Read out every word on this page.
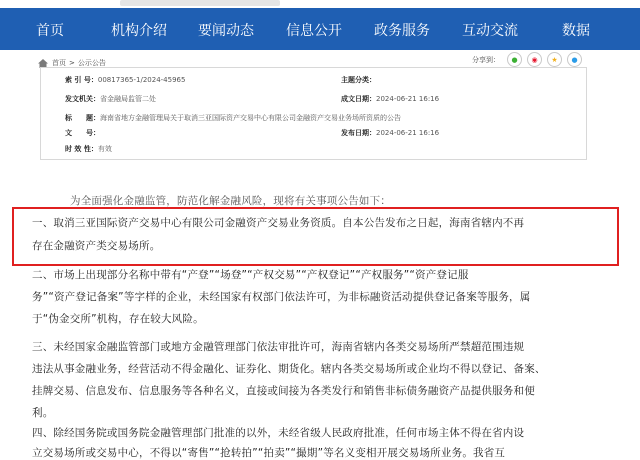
首页	机构介绍 要闻动态 信息公开 政务服务 互动交流	数据
首页 > 公示公告	分享到： ● ◉ ★ ●
索 引 号：00817365-1/2024-45965	主题分类：
发文机关：省金融局监管二处	成文日期：2024-06-21 16:16
标　　题：海南省地方金融管理局关于取消三亚国际资产交易中心有限公司金融资产交易业务场所资质的公告
文　　号：	发布日期：2024-06-21 16:16
时 效 性：有效
为全面强化金融监管，防范化解金融风险，现将有关事项公告如下：
一、取消三亚国际资产交易中心有限公司金融资产交易业务资质。自本公告发布之日起，海南省辖内不再
存在金融资产类交易场所。
二、市场上出现部分名称中带有“产登”“场登”“产权交易”“产权登记”“产权服务”“资产登记服
务”“资产登记备案”等字样的企业，未经国家有权部门依法许可，为非标融资活动提供登记备案等服务，属
于“伪金交所”机构，存在较大风险。
三、未经国家金融监管部门或地方金融管理部门依法审批许可，海南省辖内各类交易场所严禁超范围违规
违法从事金融业务，经营活动不得金融化、证券化、期货化。辖内各类交易场所或企业均不得以登记、备案、
挂牌交易、信息发布、信息服务等各种名义，直接或间接为各类发行和销售非标债务融资产品提供服务和便
利。
四、除经国务院或国务院金融管理部门批准的以外，未经省级人民政府批准，任何市场主体不得在省内设
立交易场所或交易中心，不得以“寄售”“抢转拍”“拍卖”“撮期”等名义变相开展交易场所业务。我省互
